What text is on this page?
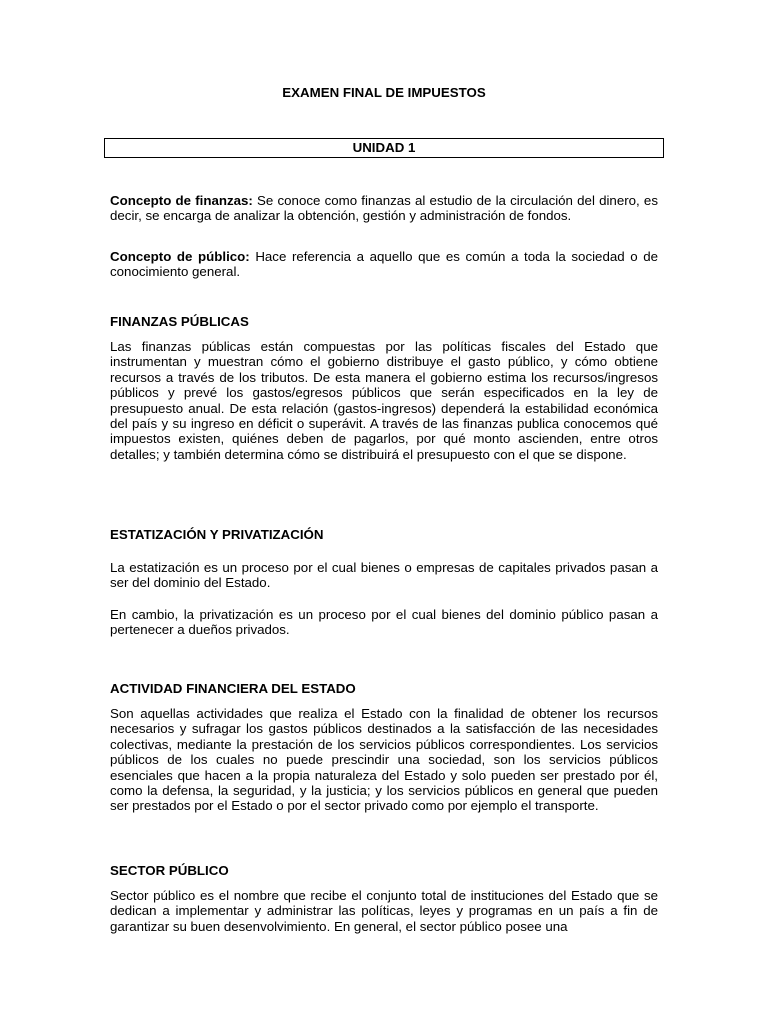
EXAMEN FINAL DE IMPUESTOS
UNIDAD 1
Concepto de finanzas: Se conoce como finanzas al estudio de la circulación del dinero, es decir, se encarga de analizar la obtención, gestión y administración de fondos.
Concepto de público: Hace referencia a aquello que es común a toda la sociedad o de conocimiento general.
FINANZAS PÚBLICAS
Las finanzas públicas están compuestas por las políticas fiscales del Estado que instrumentan y muestran cómo el gobierno distribuye el gasto público, y cómo obtiene recursos a través de los tributos. De esta manera el gobierno estima los recursos/ingresos públicos y prevé los gastos/egresos públicos que serán especificados en la ley de presupuesto anual. De esta relación (gastos-ingresos) dependerá la estabilidad económica del país y su ingreso en déficit o superávit. A través de las finanzas publica conocemos qué impuestos existen, quiénes deben de pagarlos, por qué monto ascienden, entre otros detalles; y también determina cómo se distribuirá el presupuesto con el que se dispone.
ESTATIZACIÓN Y PRIVATIZACIÓN
La estatización es un proceso por el cual bienes o empresas de capitales privados pasan a ser del dominio del Estado.
En cambio, la privatización es un proceso por el cual bienes del dominio público pasan a pertenecer a dueños privados.
ACTIVIDAD FINANCIERA DEL ESTADO
Son aquellas actividades que realiza el Estado con la finalidad de obtener los recursos necesarios y sufragar los gastos públicos destinados a la satisfacción de las necesidades colectivas, mediante la prestación de los servicios públicos correspondientes. Los servicios públicos de los cuales no puede prescindir una sociedad, son los servicios públicos esenciales que hacen a la propia naturaleza del Estado y solo pueden ser prestado por él, como la defensa, la seguridad, y la justicia; y los servicios públicos en general que pueden ser prestados por el Estado o por el sector privado como por ejemplo el transporte.
SECTOR PÚBLICO
Sector público es el nombre que recibe el conjunto total de instituciones del Estado que se dedican a implementar y administrar las políticas, leyes y programas en un país a fin de garantizar su buen desenvolvimiento. En general, el sector público posee una
